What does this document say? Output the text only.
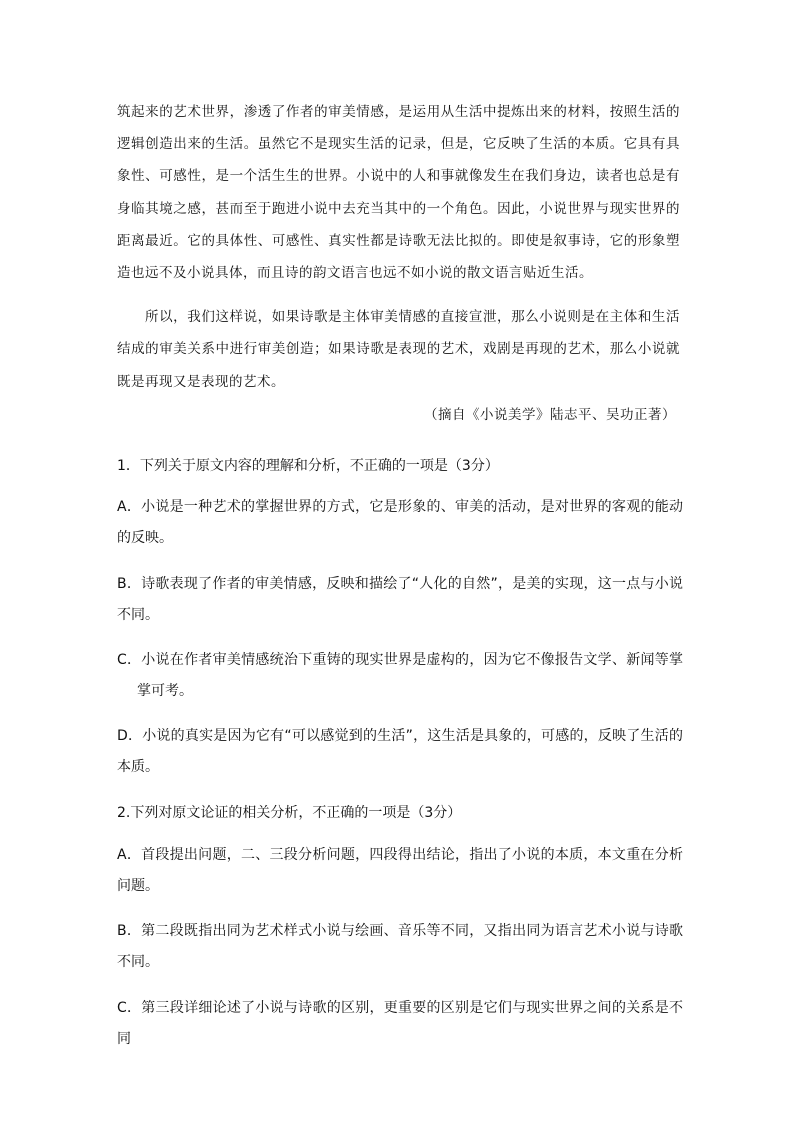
筑起来的艺术世界，渗透了作者的审美情感，是运用从生活中提炼出来的材料，按照生活的逻辑创造出来的生活。虽然它不是现实生活的记录，但是，它反映了生活的本质。它具有具象性、可感性，是一个活生生的世界。小说中的人和事就像发生在我们身边，读者也总是有身临其境之感，甚而至于跑进小说中去充当其中的一个角色。因此，小说世界与现实世界的距离最近。它的具体性、可感性、真实性都是诗歌无法比拟的。即使是叙事诗，它的形象塑造也远不及小说具体，而且诗的韵文语言也远不如小说的散文语言贴近生活。

所以，我们这样说，如果诗歌是主体审美情感的直接宣泄，那么小说则是在主体和生活结成的审美关系中进行审美创造；如果诗歌是表现的艺术，戏剧是再现的艺术，那么小说就既是再现又是表现的艺术。

（摘自《小说美学》陆志平、吴功正著）

1．下列关于原文内容的理解和分析，不正确的一项是（3分）

A．小说是一种艺术的掌握世界的方式，它是形象的、审美的活动，是对世界的客观的能动的反映。

B．诗歌表现了作者的审美情感，反映和描绘了“人化的自然”，是美的实现，这一点与小说不同。

C．小说在作者审美情感统治下重铸的现实世界是虚构的，因为它不像报告文学、新闻等掌掌可考。

D．小说的真实是因为它有“可以感觉到的生活”，这生活是具象的，可感的，反映了生活的本质。

2.下列对原文论证的相关分析，不正确的一项是（3分）

A．首段提出问题，二、三段分析问题，四段得出结论，指出了小说的本质，本文重在分析问题。

B．第二段既指出同为艺术样式小说与绘画、音乐等不同，又指出同为语言艺术小说与诗歌不同。

C．第三段详细论述了小说与诗歌的区别，更重要的区别是它们与现实世界之间的关系是不同
